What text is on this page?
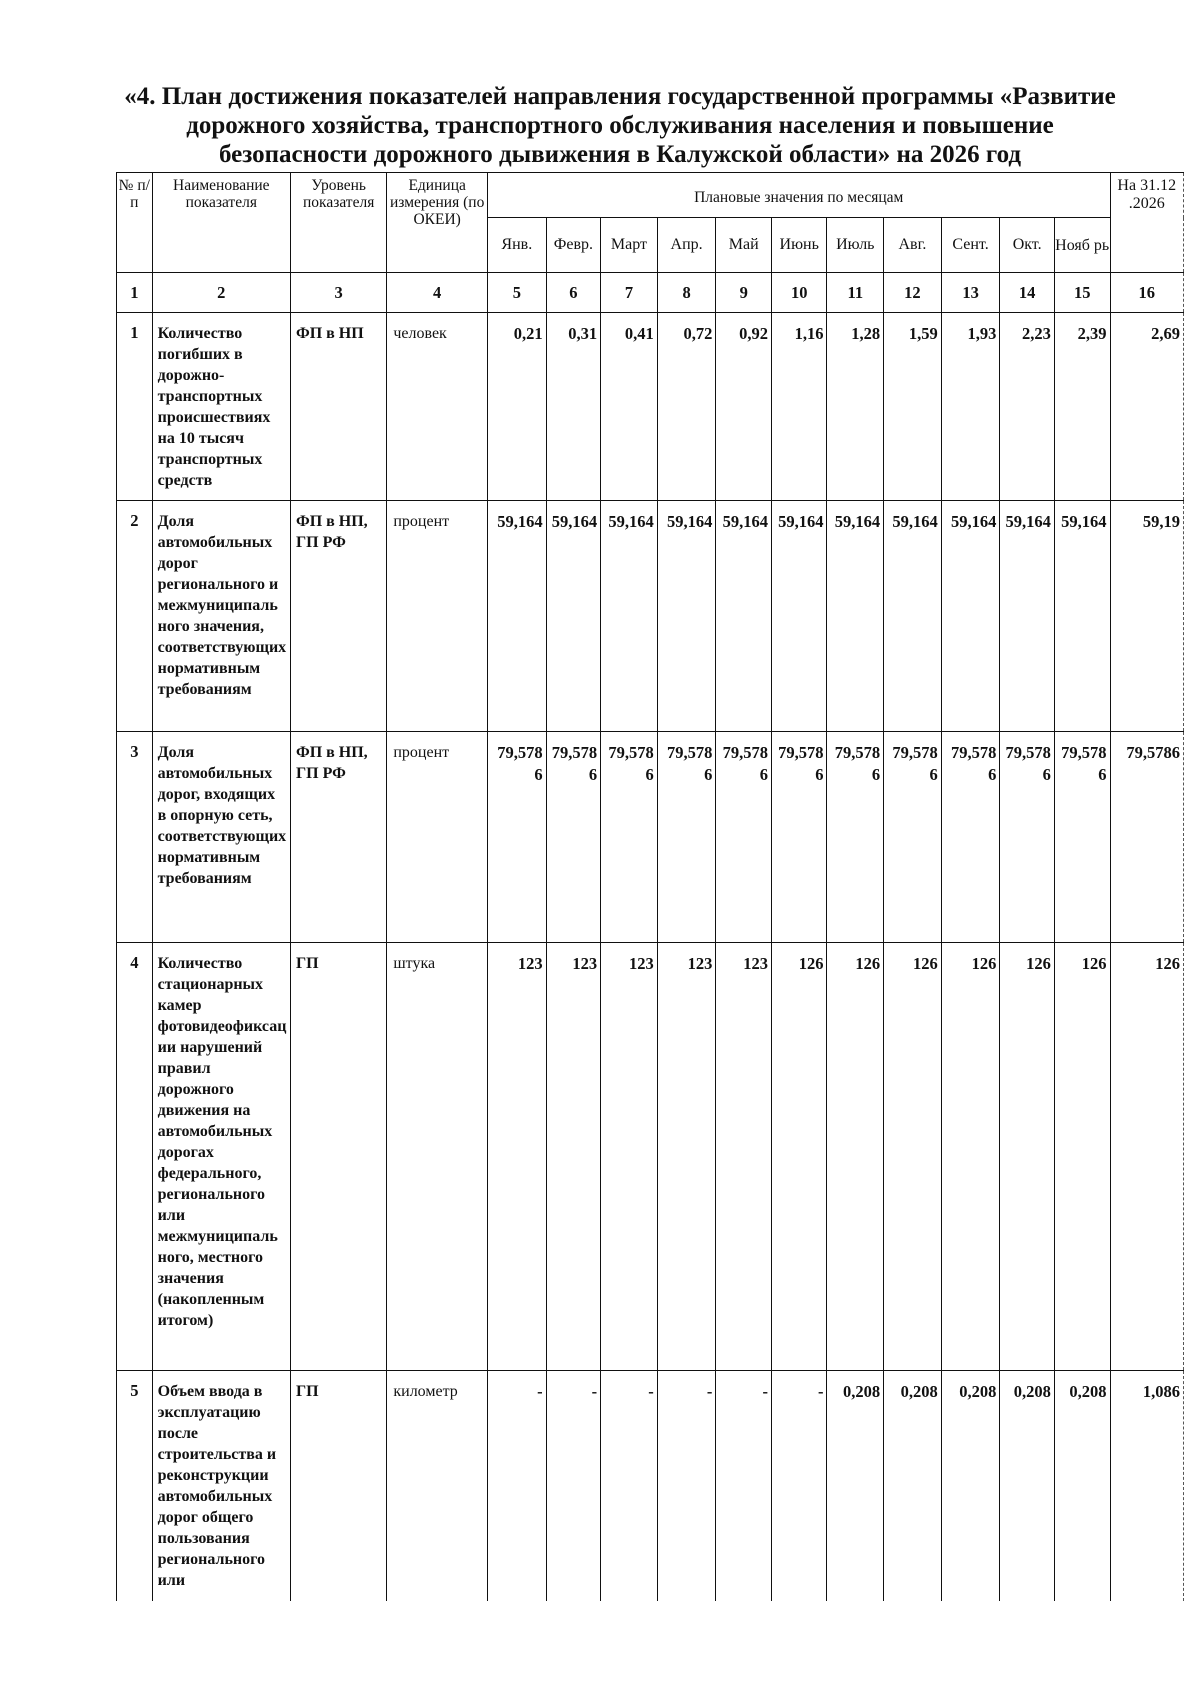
«4. План достижения показателей направления государственной программы «Развитие
дорожного хозяйства, транспортного обслуживания населения и повышение
безопасности дорожного дывижения в Калужской области» на 2026 год
№ п/ п	Наименование показателя	Уровень показателя	Единица измерения (по ОКЕИ)	Плановые значения по месяцам											На 31.12 .2026
				Янв.	Февр.	Март	Апр.	Май	Июнь	Июль	Авг.	Сент.	Окт.	Нояб рь	
1	2	3	4	5	6	7	8	9	10	11	12	13	14	15	16
1	Количество погибших в дорожно-транспортных происшествиях на 10 тысяч транспортных средств	ФП в НП	человек	0,21	0,31	0,41	0,72	0,92	1,16	1,28	1,59	1,93	2,23	2,39	2,69
2	Доля автомобильных дорог регионального и межмуниципального значения, соответствующих нормативным требованиям	ФП в НП, ГП РФ	процент	59,164	59,164	59,164	59,164	59,164	59,164	59,164	59,164	59,164	59,164	59,164	59,19
3	Доля автомобильных дорог, входящих в опорную сеть, соответствующих нормативным требованиям	ФП в НП, ГП РФ	процент	79,5786	79,5786	79,5786	79,5786	79,5786	79,5786	79,5786	79,5786	79,5786	79,5786	79,5786	79,5786
4	Количество стационарных камер фотовидеофиксации нарушений правил дорожного движения на автомобильных дорогах федерального, регионального или межмуниципального, местного значения (накопленным итогом)	ГП	штука	123	123	123	123	123	126	126	126	126	126	126	126
5	Объем ввода в эксплуатацию после строительства и реконструкции автомобильных дорог общего пользования регионального или	ГП	километр	-	-	-	-	-	-	0,208	0,208	0,208	0,208	0,208	1,086
